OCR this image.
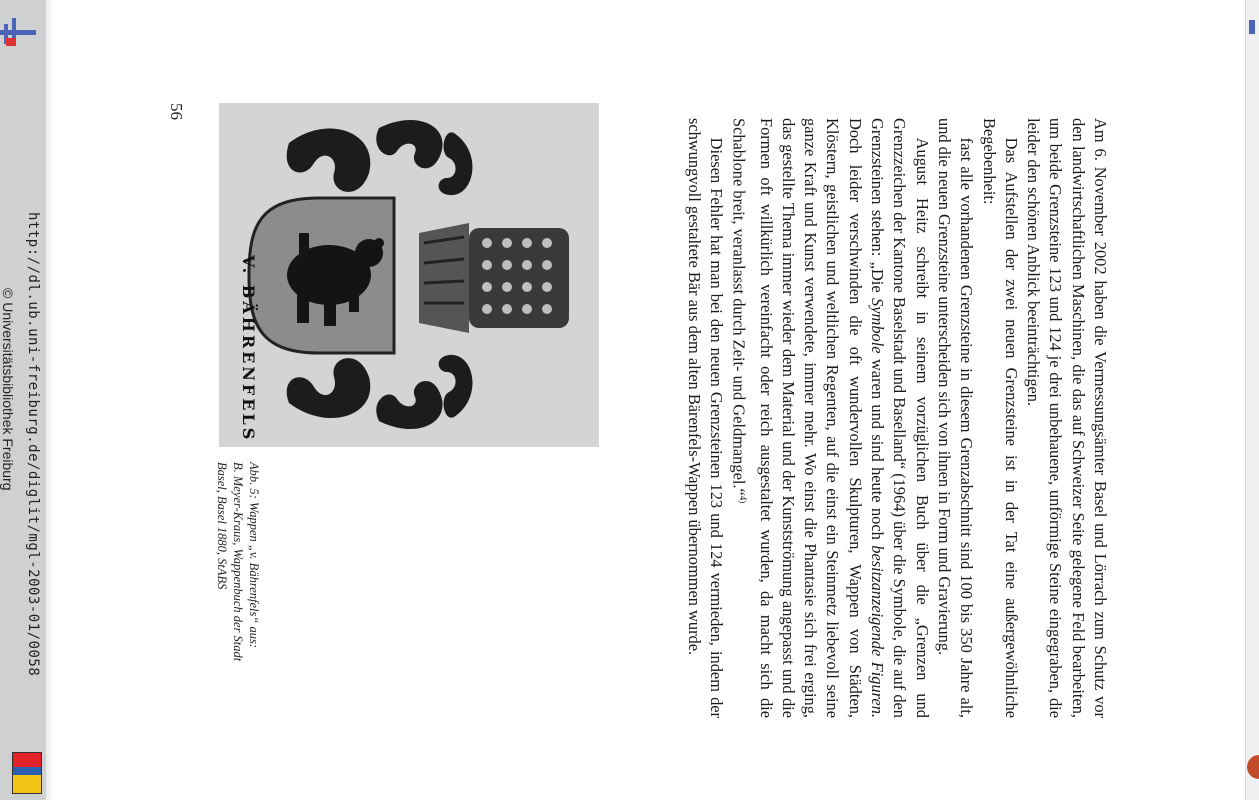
http://dl.ub.uni-freiburg.de/diglit/mgl-2003-01/0058
© Universitätsbibliothek Freiburg
56
V. BÄHRENFELS
Abb. 5: Wappen „v. Bährenfels“ aus:
B. Meyer-Kraus, Wappenbuch der Stadt
Basel, Basel 1880, StABS	Am 6. November 2002 haben die Vermessungsämter Basel und Lörrach zum Schutz vor den landwirtschaftlichen Maschinen, die das auf Schweizer Seite gelegene Feld bearbeiten, um beide Grenzsteine 123 und 124 je drei unbehauene, unförmige Steine eingegraben, die leider den schönen Anblick beeinträchtigen.

Das Aufstellen der zwei neuen Grenzsteine ist in der Tat eine außergewöhnliche Begebenheit:

fast alle vorhandenen Grenzsteine in diesem Grenzabschnitt sind 100 bis 350 Jahre alt, und die neuen Grenzsteine unterscheiden sich von ihnen in Form und Gravierung.

August Heitz schreibt in seinem vorzüglichen Buch über die „Grenzen und Grenzzeichen der Kantone Baselstadt und Baselland“ (1964) über die Symbole, die auf den Grenzsteinen stehen: „Die Symbole waren und sind heute noch besitzanzeigende Figuren. Doch leider verschwinden die oft wundervollen Skulpturen, Wappen von Städten, Klöstern, geistlichen und weltlichen Regenten, auf die einst ein Steinmetz liebevoll seine ganze Kraft und Kunst verwendete, immer mehr. Wo einst die Phantasie sich frei erging, das gestellte Thema immer wieder dem Material und der Kunstströmung angepasst und die Formen oft willkürlich vereinfacht oder reich ausgestaltet wurden, da macht sich die Schablone breit, veranlasst durch Zeit- und Geldmangel.“$^{4)}$

Diesen Fehler hat man bei den neuen Grenzsteinen 123 und 124 vermieden, indem der schwungvoll gestaltete Bär aus dem alten Bärenfels-Wappen übernommen wurde.
